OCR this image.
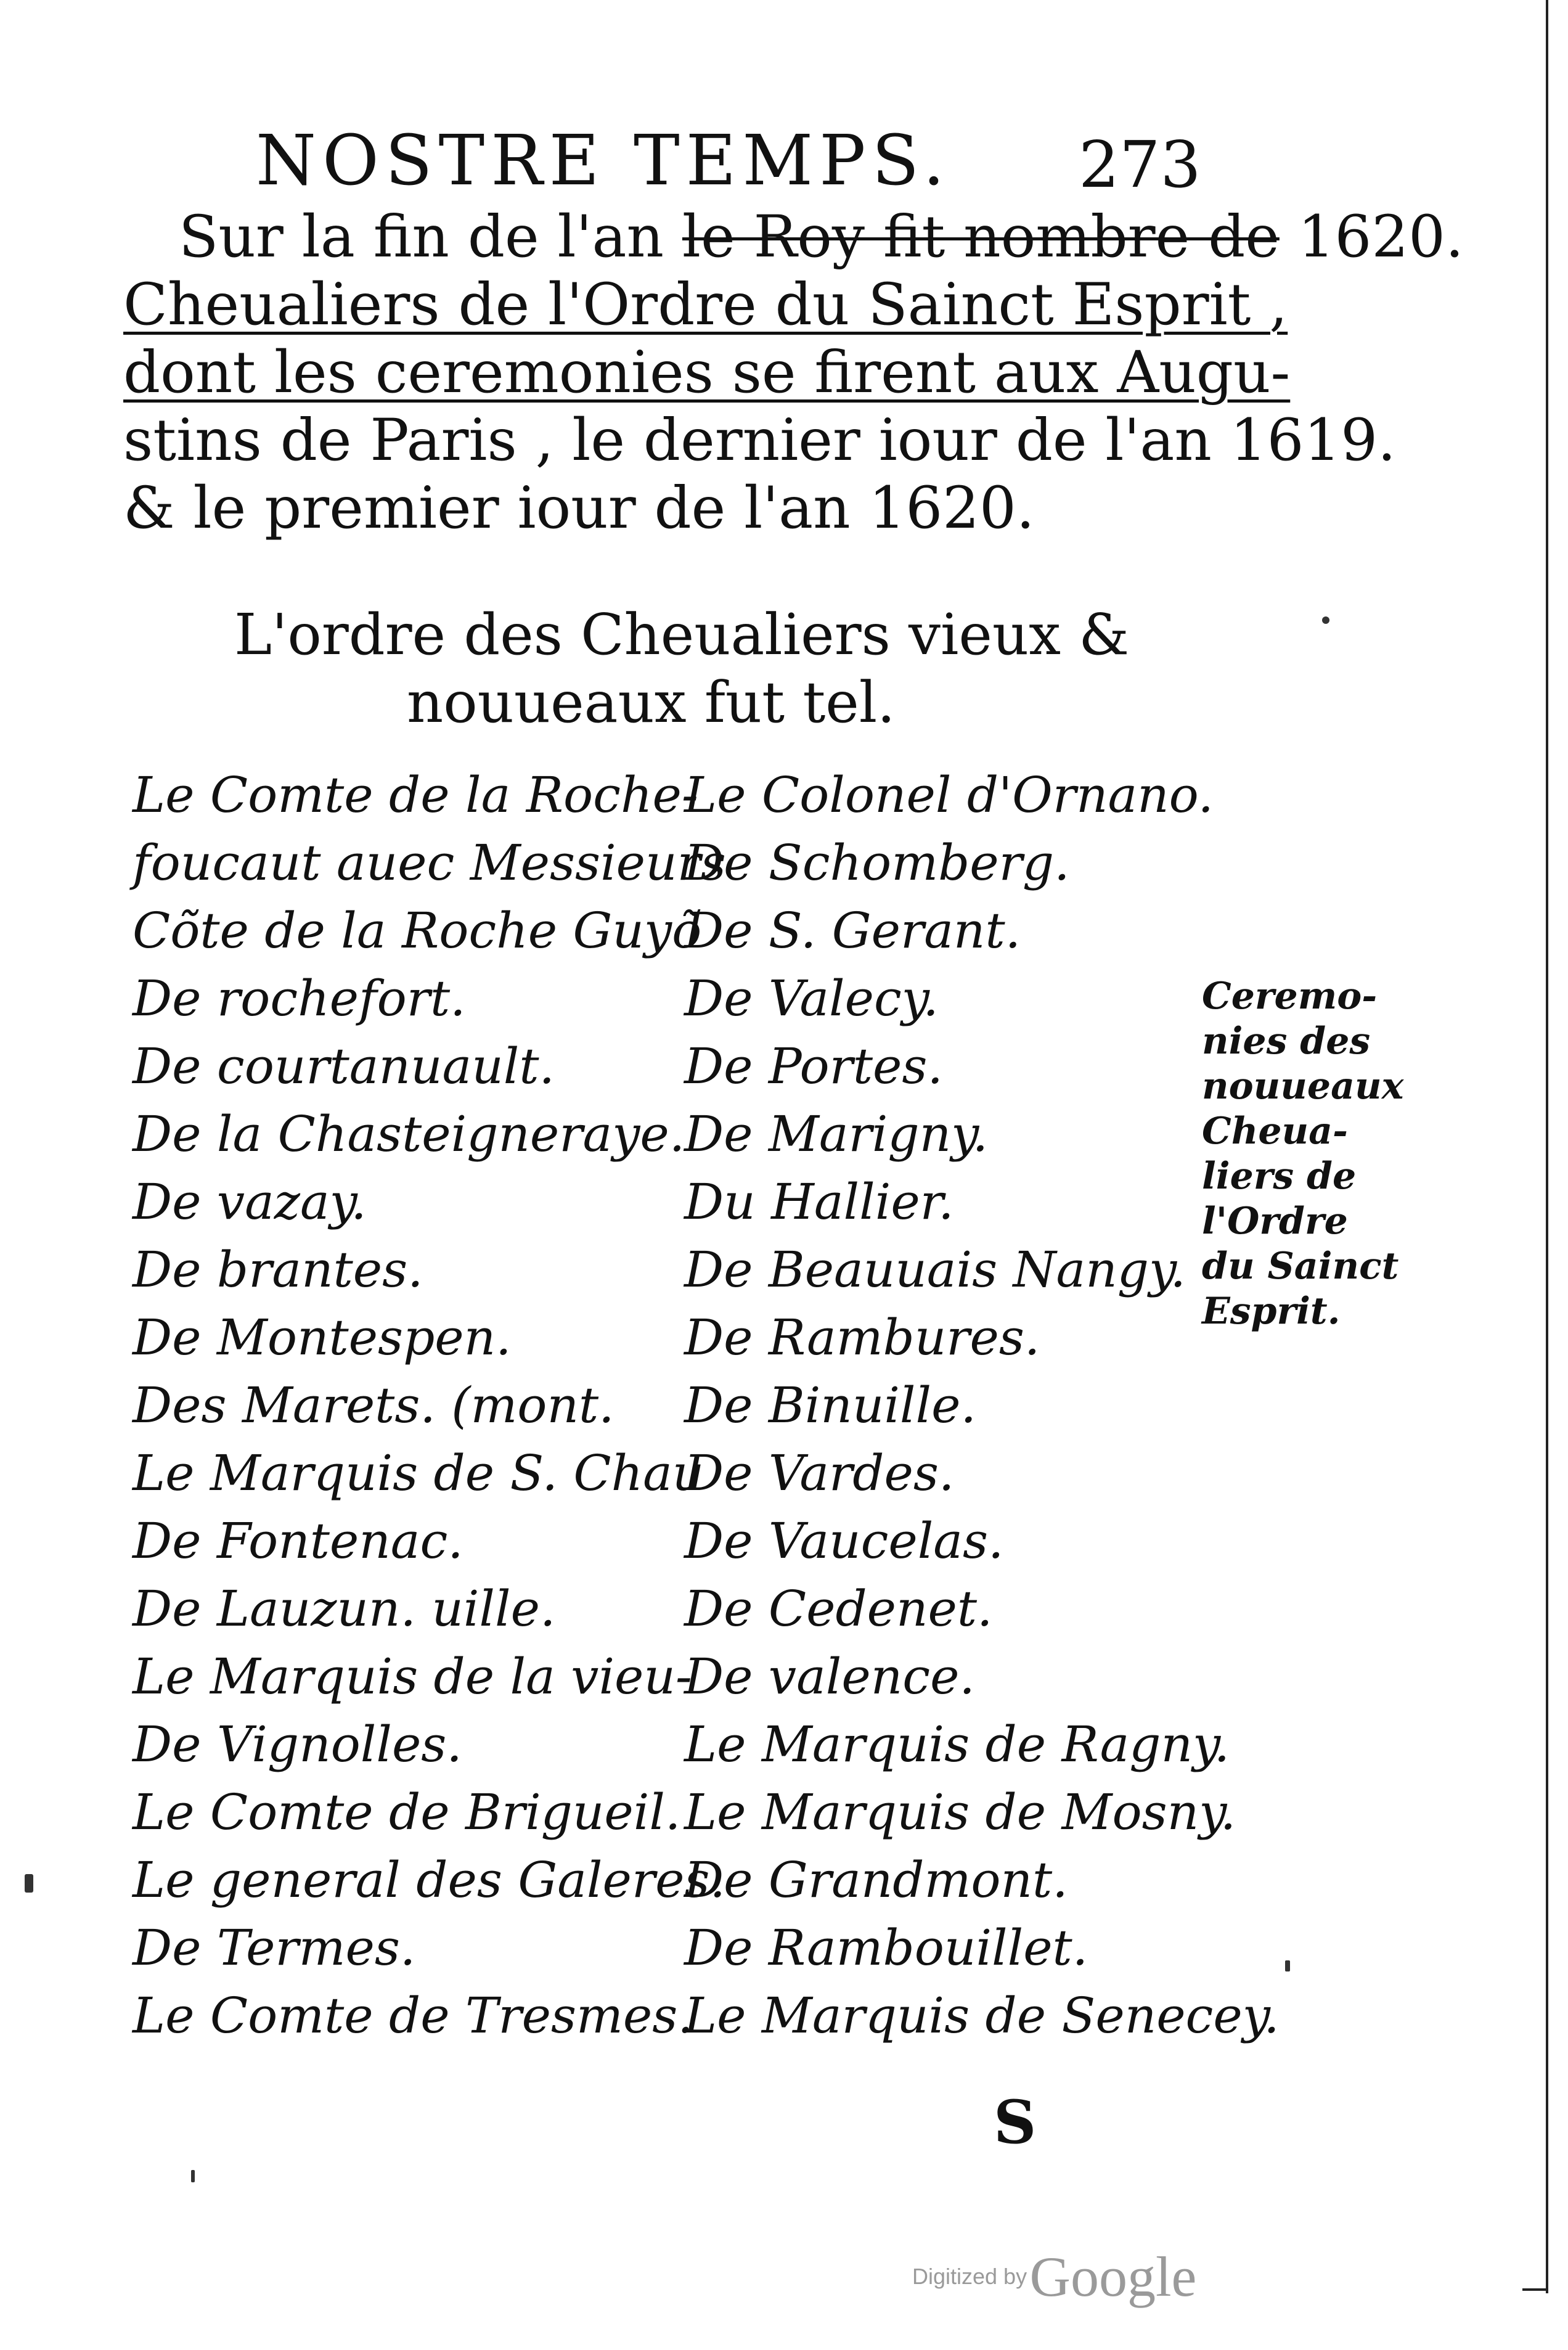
NOSTRE TEMPS. 273
Sur la fin de l'an le Roy fit nombre de 1620.
Cheualiers de l'Ordre du Sainct Esprit ,
dont les ceremonies se firent aux Augu-
stins de Paris , le dernier iour de l'an 1619.
& le premier iour de l'an 1620.
L'ordre des Cheualiers vieux &
nouueaux fut tel.
Le Comte de la Roche-
foucaut auec Messieurs
Cõte de la Roche Guyõ
De rochefort.
De courtanuault.
De la Chasteigneraye.
De vazay.
De brantes.
De Montespen.
Des Marets. (mont.
Le Marquis de S. Chau
De Fontenac.
De Lauzun. uille.
Le Marquis de la vieu-
De Vignolles.
Le Comte de Brigueil.
Le general des Galeres.
De Termes.
Le Comte de Tresmes.
Le Colonel d'Ornano.
De Schomberg.
De S. Gerant.
De Valecy.
De Portes.
De Marigny.
Du Hallier.
De Beauuais Nangy.
De Rambures.
De Binuille.
De Vardes.
De Vaucelas.
De Cedenet.
De valence.
Le Marquis de Ragny.
Le Marquis de Mosny.
De Grandmont.
De Rambouillet.
Le Marquis de Senecey.
Ceremo-
nies des
nouueaux
Cheua-
liers de
l'Ordre
du Sainct
Esprit.
S
Digitized by Google
